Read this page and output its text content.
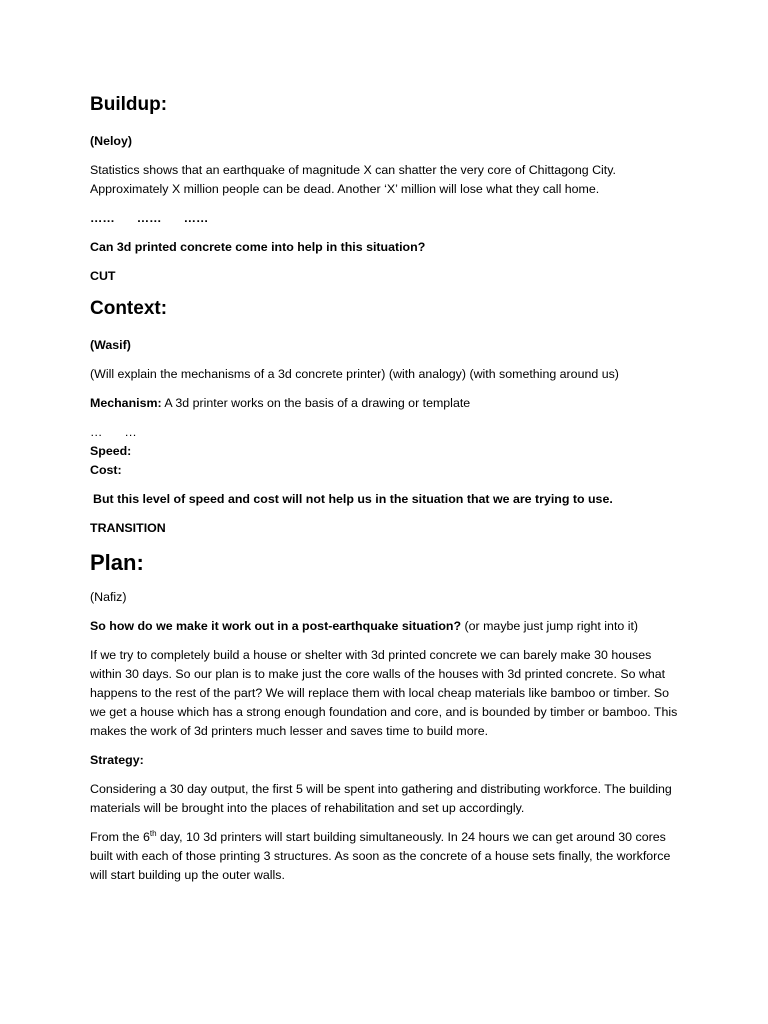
Buildup:

(Neloy)

Statistics shows that an earthquake of magnitude X can shatter the very core of Chittagong City. Approximately X million people can be dead. Another ‘X’ million will lose what they call home.

…… …… ……

Can 3d printed concrete come into help in this situation?

CUT

Context:

(Wasif)

(Will explain the mechanisms of a 3d concrete printer) (with analogy) (with something around us)

Mechanism: A 3d printer works on the basis of a drawing or template

… …

Speed:

Cost:

But this level of speed and cost will not help us in the situation that we are trying to use.

TRANSITION

Plan:

(Nafiz)

So how do we make it work out in a post-earthquake situation? (or maybe just jump right into it)

If we try to completely build a house or shelter with 3d printed concrete we can barely make 30 houses within 30 days. So our plan is to make just the core walls of the houses with 3d printed concrete. So what happens to the rest of the part? We will replace them with local cheap materials like bamboo or timber. So we get a house which has a strong enough foundation and core, and is bounded by timber or bamboo. This makes the work of 3d printers much lesser and saves time to build more.

Strategy:

Considering a 30 day output, the first 5 will be spent into gathering and distributing workforce. The building materials will be brought into the places of rehabilitation and set up accordingly.

From the 6th day, 10 3d printers will start building simultaneously. In 24 hours we can get around 30 cores built with each of those printing 3 structures. As soon as the concrete of a house sets finally, the workforce will start building up the outer walls.
